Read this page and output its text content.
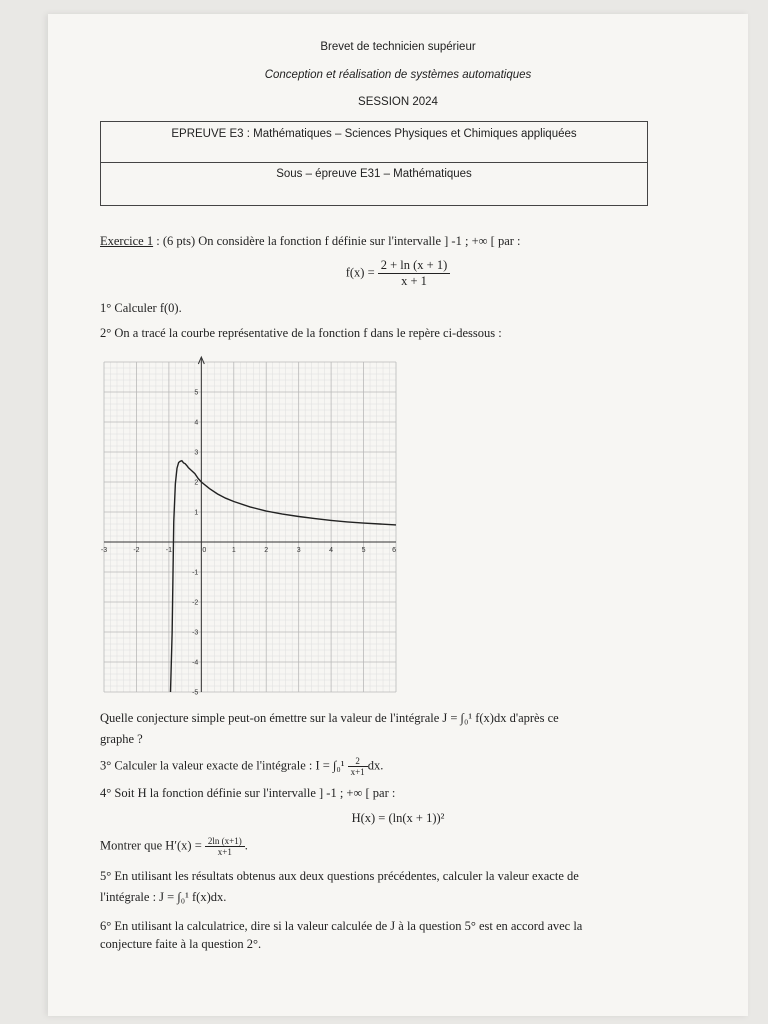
Brevet de technicien supérieur
Conception et réalisation de systèmes automatiques
SESSION 2024
EPREUVE E3 : Mathématiques – Sciences Physiques et Chimiques appliquées
Sous – épreuve E31 – Mathématiques
Exercice 1 : (6 pts) On considère la fonction f définie sur l'intervalle ] -1 ; +∞ [ par :
$f(x) = \frac{2 + \ln (x + 1)}{x + 1}$
1° Calculer f(0).
2° On a tracé la courbe représentative de la fonction f dans le repère ci-dessous :
-3	-2	-1	0	1	2	3	4	5	6
-5
-4
-3
-2
-1
1
2
3
4
5
Quelle conjecture simple peut-on émettre sur la valeur de l'intégrale J = ∫₀¹ f(x)dx d'après ce
graphe ?
3° Calculer la valeur exacte de l'intégrale : $I = \int_0^1 \frac{2}{x+1}$ dx.
4° Soit H la fonction définie sur l'intervalle ] -1 ; +∞ [ par :
H(x) = (ln(x + 1))²
Montrer que $H'(x) = \frac{2\ln (x+1)}{x+1}$ .
5° En utilisant les résultats obtenus aux deux questions précédentes, calculer la valeur exacte de
l'intégrale : J = ∫₀¹ f(x)dx.
6° En utilisant la calculatrice, dire si la valeur calculée de J à la question 5° est en accord avec la
conjecture faite à la question 2°.
